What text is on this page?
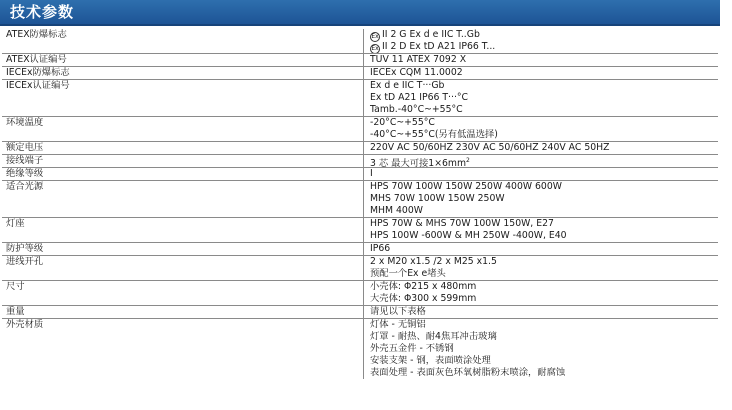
技术参数
ATEX防爆标志	Ex II 2 G Ex d e IIC T..Gb
Ex II 2 D Ex tD A21 IP66 T...

ATEX认证编号	TUV 11 ATEX 7092 X

IECEx防爆标志	IECEx CQM 11.0002

IECEx认证编号	Ex d e IIC T···Gb
Ex tD A21 IP66 T···°C
Tamb.-40°C~+55°C

环境温度	-20°C~+55°C
-40°C~+55°C(另有低温选择)

额定电压	220V AC 50/60HZ 230V AC 50/60HZ 240V AC 50HZ

接线端子	3 芯 最大可接$1\times 6mm^2$

绝缘等级	I

适合光源	HPS 70W 100W 150W 250W 400W 600W
MHS 70W 100W 150W 250W
MHM 400W

灯座	HPS 70W & MHS 70W 100W 150W, E27
HPS 100W -600W & MH 250W -400W, E40

防护等级	IP66

进线开孔	2 x M20 x1.5 /2 x M25 x1.5
预配一个Ex e堵头

尺寸	小壳体: Φ215 x 480mm
大壳体: Φ300 x 599mm

重量	请见以下表格

外壳材质	灯体 - 无铜铝
灯罩 - 耐热、耐4焦耳冲击玻璃
外壳五金件 - 不锈钢
安装支架 - 钢，表面喷涂处理
表面处理 - 表面灰色环氧树脂粉末喷涂，耐腐蚀
